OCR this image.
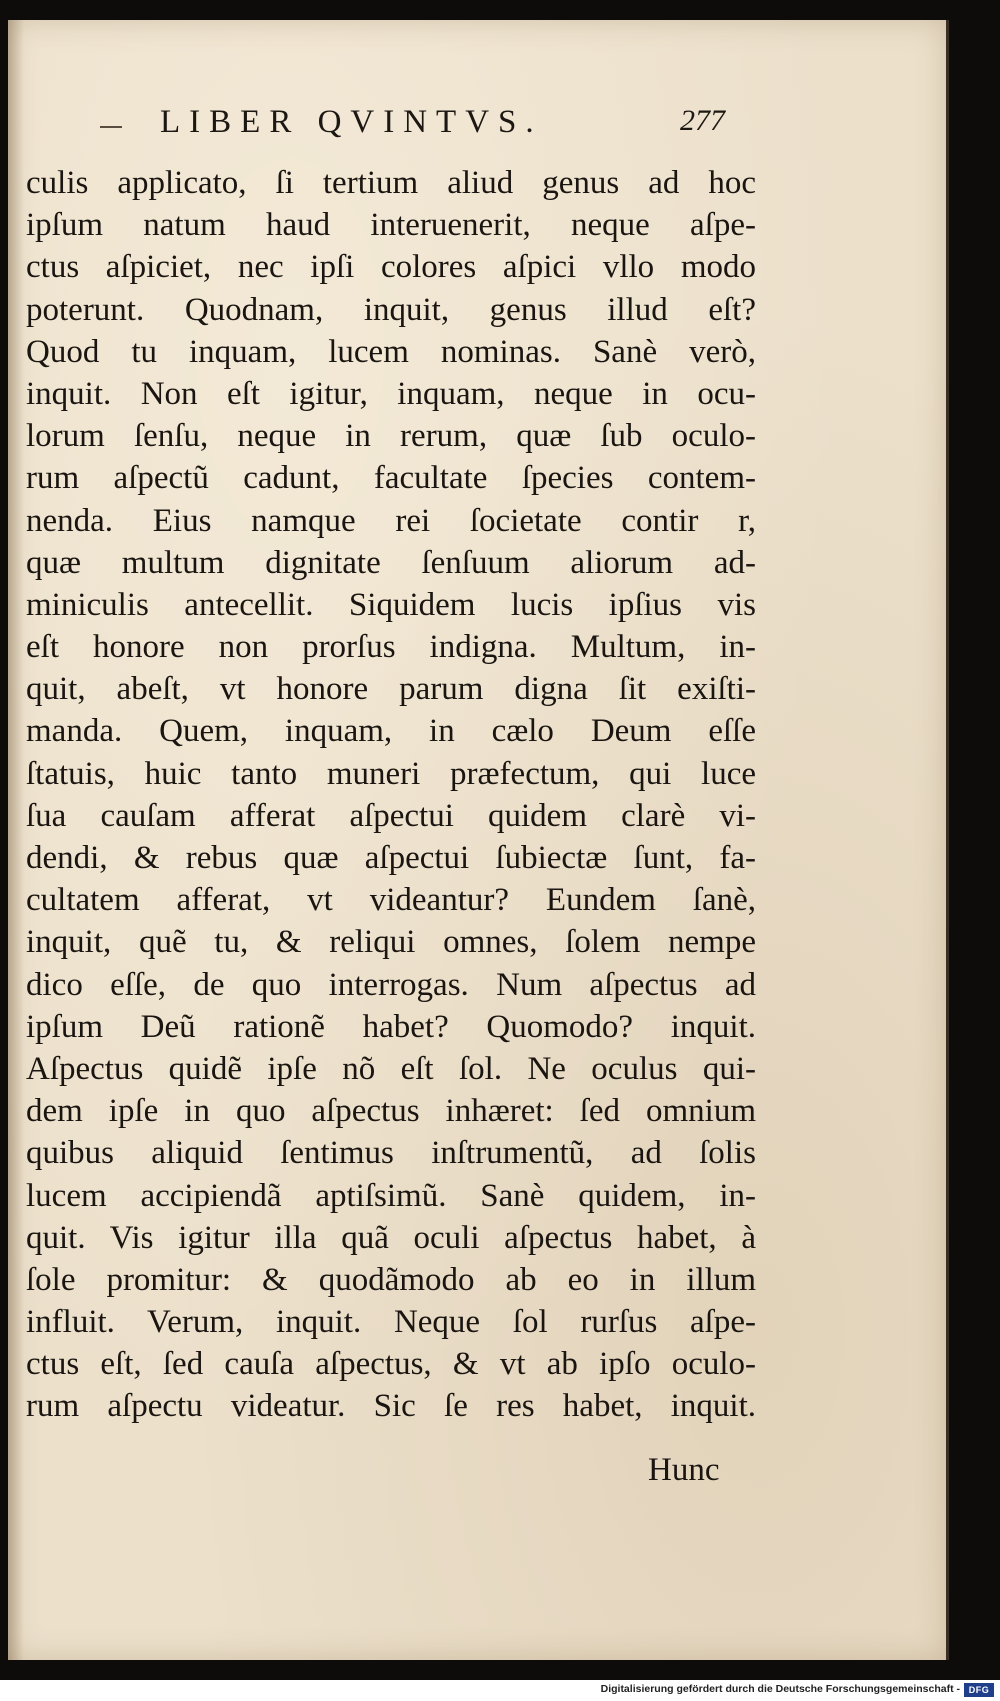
LIBER QVINTVS.	277
culis applicato, ſi tertium aliud genus ad hoc
ipſum natum haud interuenerit, neque aſpe-
ctus aſpiciet, nec ipſi colores aſpici vllo modo
poterunt. Quodnam, inquit, genus illud eſt?
Quod tu inquam, lucem nominas. Sanè verò,
inquit. Non eſt igitur, inquam, neque in ocu-
lorum ſenſu, neque in rerum, quæ ſub oculo-
rum aſpectũ cadunt, facultate ſpecies contem-
nenda. Eius namque rei ſocietate contir r,
quæ multum dignitate ſenſuum aliorum ad-
miniculis antecellit. Siquidem lucis ipſius vis
eſt honore non prorſus indigna. Multum, in-
quit, abeſt, vt honore parum digna ſit exiſti-
manda. Quem, inquam, in cælo Deum eſſe
ſtatuis, huic tanto muneri præfectum, qui luce
ſua cauſam afferat aſpectui quidem clarè vi-
dendi, & rebus quæ aſpectui ſubiectæ ſunt, fa-
cultatem afferat, vt videantur? Eundem ſanè,
inquit, quẽ tu, & reliqui omnes, ſolem nempe
dico eſſe, de quo interrogas. Num aſpectus ad
ipſum Deũ rationẽ habet? Quomodo? inquit.
Aſpectus quidẽ ipſe nõ eſt ſol. Ne oculus qui-
dem ipſe in quo aſpectus inhæret: ſed omnium
quibus aliquid ſentimus inſtrumentũ, ad ſolis
lucem accipiendã aptiſsimũ. Sanè quidem, in-
quit. Vis igitur illa quã oculi aſpectus habet, à
ſole promitur: & quodãmodo ab eo in illum
influit. Verum, inquit. Neque ſol rurſus aſpe-
ctus eſt, ſed cauſa aſpectus, & vt ab ipſo oculo-
rum aſpectu videatur. Sic ſe res habet, inquit.
Hunc
Digitalisierung gefördert durch die Deutsche Forschungsgemeinschaft - DFG
